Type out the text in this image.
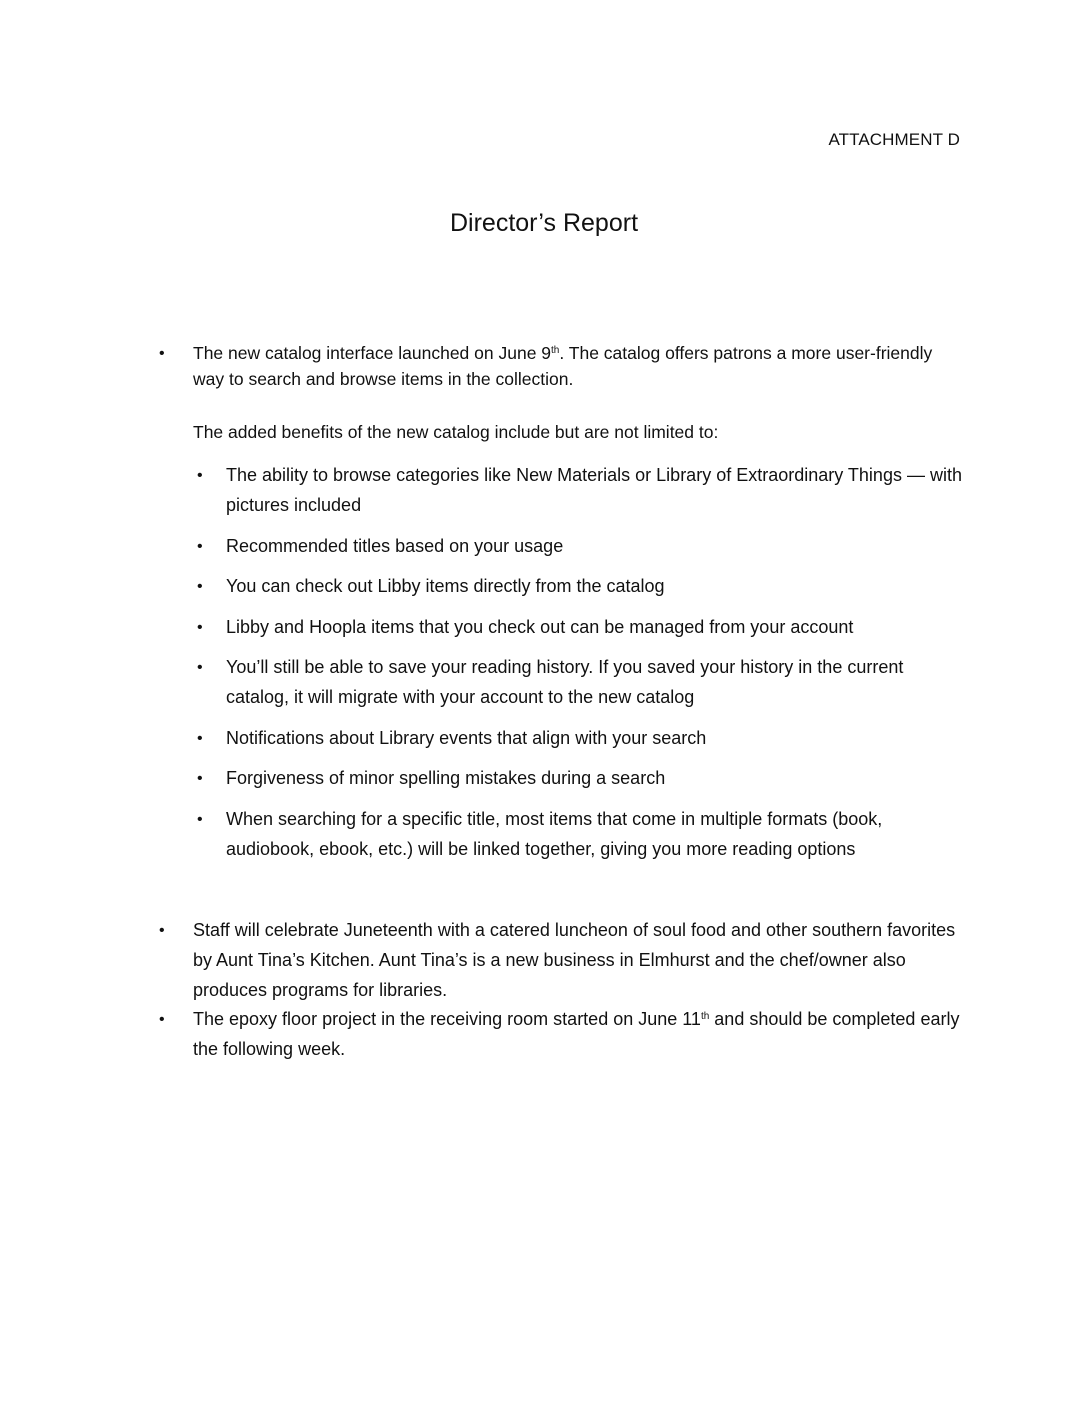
ATTACHMENT D
Director’s Report
• The new catalog interface launched on June 9th. The catalog offers patrons a more user-friendly way to search and browse items in the collection.
The added benefits of the new catalog include but are not limited to:
• The ability to browse categories like New Materials or Library of Extraordinary Things — with pictures included
• Recommended titles based on your usage
• You can check out Libby items directly from the catalog
• Libby and Hoopla items that you check out can be managed from your account
• You’ll still be able to save your reading history. If you saved your history in the current catalog, it will migrate with your account to the new catalog
• Notifications about Library events that align with your search
• Forgiveness of minor spelling mistakes during a search
• When searching for a specific title, most items that come in multiple formats (book, audiobook, ebook, etc.) will be linked together, giving you more reading options
• Staff will celebrate Juneteenth with a catered luncheon of soul food and other southern favorites by Aunt Tina’s Kitchen. Aunt Tina’s is a new business in Elmhurst and the chef/owner also produces programs for libraries.
• The epoxy floor project in the receiving room started on June 11th and should be completed early the following week.
